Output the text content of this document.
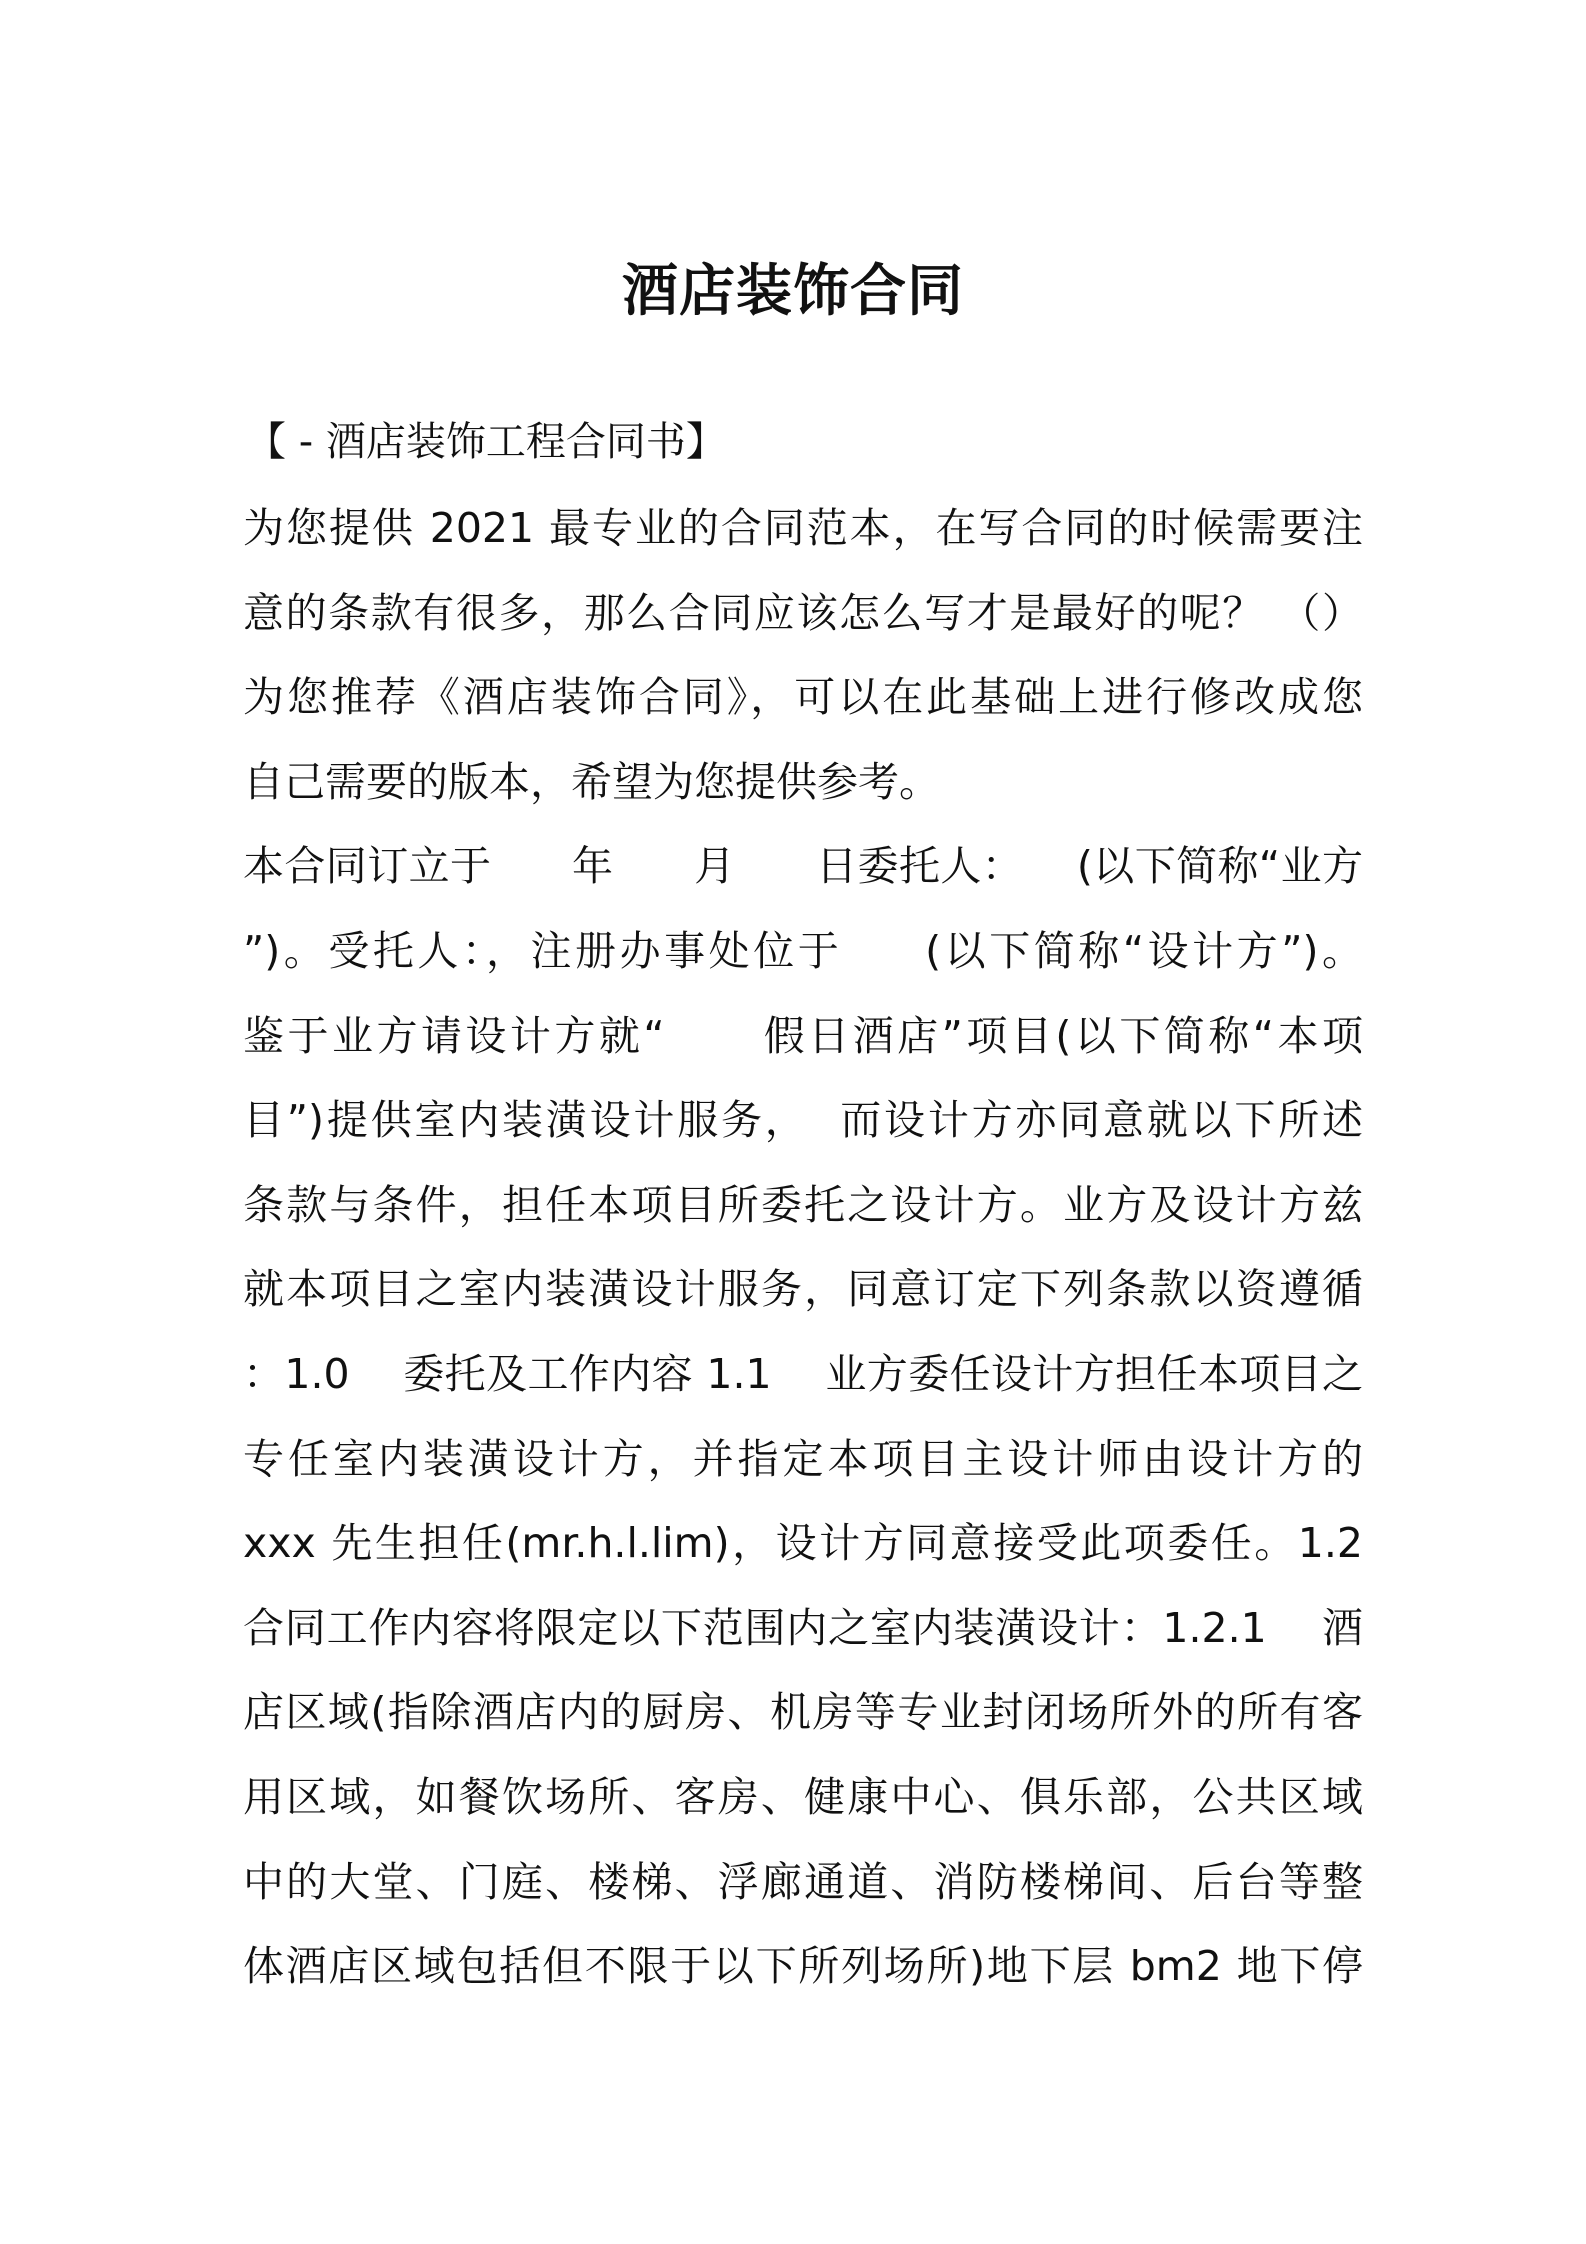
酒店装饰合同
【 - 酒店装饰工程合同书】
为您提供 2021 最专业的合同范本，在写合同的时候需要注
意的条款有很多，那么合同应该怎么写才是最好的呢？ （）
为您推荐《酒店装饰合同》，可以在此基础上进行修改成您
自己需要的版本，希望为您提供参考。
本合同订立于      年      月      日委托人：    (以下简称“业方
”)。受托人：，注册办事处位于     (以下简称“设计方”)。
鉴于业方请设计方就“      假日酒店”项目(以下简称“本项
目”)提供室内装潢设计服务，  而设计方亦同意就以下所述
条款与条件，担任本项目所委托之设计方。业方及设计方兹
就本项目之室内装潢设计服务，同意订定下列条款以资遵循
：1.0    委托及工作内容 1.1    业方委任设计方担任本项目之
专任室内装潢设计方，并指定本项目主设计师由设计方的
xxx 先生担任(mr.h.l.lim)，设计方同意接受此项委任。1.2
合同工作内容将限定以下范围内之室内装潢设计：1.2.1    酒
店区域(指除酒店内的厨房、机房等专业封闭场所外的所有客
用区域，如餐饮场所、客房、健康中心、俱乐部，公共区域
中的大堂、门庭、楼梯、浮廊通道、消防楼梯间、后台等整
体酒店区域包括但不限于以下所列场所)地下层 bm2 地下停
